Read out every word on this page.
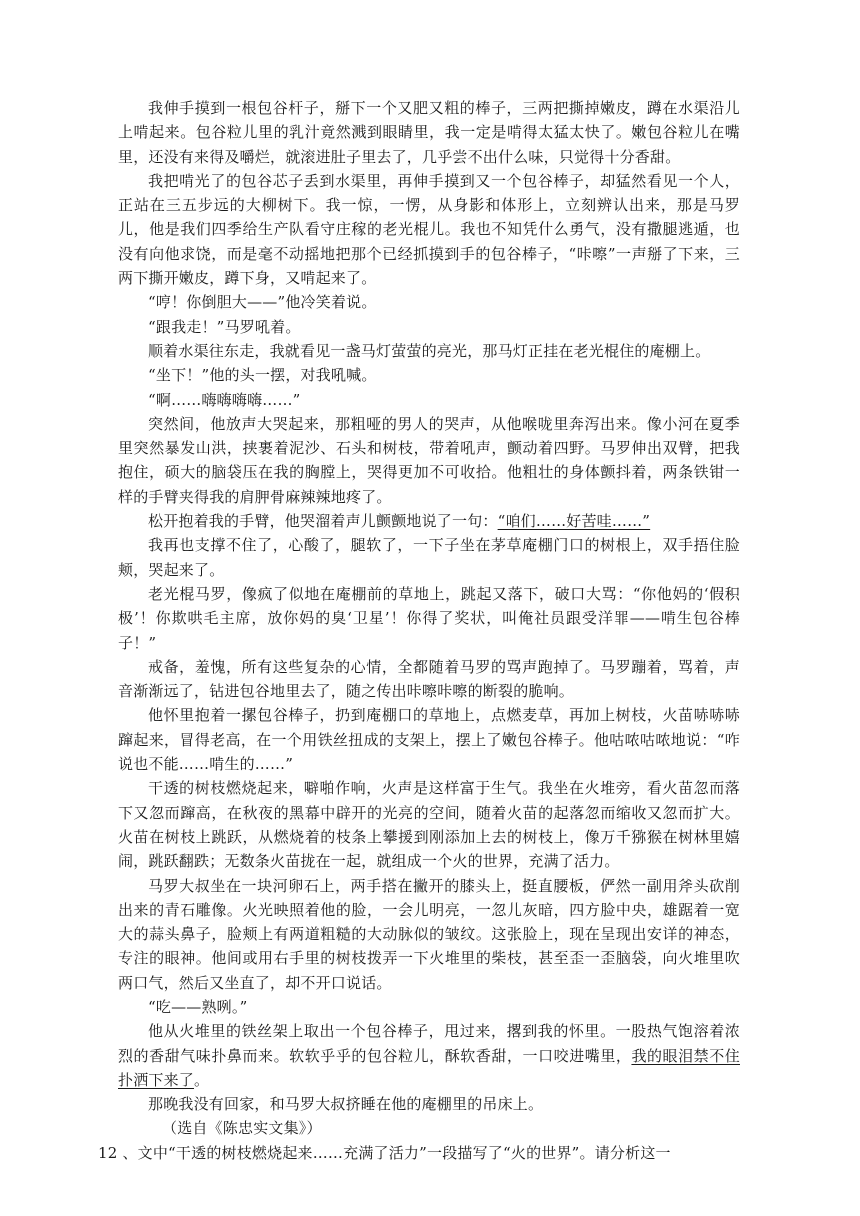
我伸手摸到一根包谷杆子，掰下一个又肥又粗的棒子，三两把撕掉嫩皮，蹲在水渠沿儿上啃起来。包谷粒儿里的乳汁竟然溅到眼睛里，我一定是啃得太猛太快了。嫩包谷粒儿在嘴里，还没有来得及嚼烂，就滚进肚子里去了，几乎尝不出什么味，只觉得十分香甜。

我把啃光了的包谷芯子丢到水渠里，再伸手摸到又一个包谷棒子，却猛然看见一个人，正站在三五步远的大柳树下。我一惊，一愣，从身影和体形上，立刻辨认出来，那是马罗儿，他是我们四季给生产队看守庄稼的老光棍儿。我也不知凭什么勇气，没有撒腿逃遁，也没有向他求饶，而是毫不动摇地把那个已经抓摸到手的包谷棒子，“咔嚓”一声掰了下来，三两下撕开嫩皮，蹲下身，又啃起来了。

“哼！你倒胆大——”他冷笑着说。

“跟我走！”马罗吼着。

顺着水渠往东走，我就看见一盏马灯萤萤的亮光，那马灯正挂在老光棍住的庵棚上。

“坐下！”他的头一摆，对我吼喊。

“啊……嗨嗨嗨嗨……”

突然间，他放声大哭起来，那粗哑的男人的哭声，从他喉咙里奔泻出来。像小河在夏季里突然暴发山洪，挟裹着泥沙、石头和树枝，带着吼声，颤动着四野。马罗伸出双臂，把我抱住，硕大的脑袋压在我的胸膛上，哭得更加不可收拾。他粗壮的身体颤抖着，两条铁钳一样的手臂夹得我的肩胛骨麻辣辣地疼了。

松开抱着我的手臂，他哭溜着声儿颤颤地说了一句：“咱们……好苦哇……”

我再也支撑不住了，心酸了，腿软了，一下子坐在茅草庵棚门口的树根上，双手捂住脸颊，哭起来了。

老光棍马罗，像疯了似地在庵棚前的草地上，跳起又落下，破口大骂：“你他妈的‘假积极’！你欺哄毛主席，放你妈的臭‘卫星’！你得了奖状，叫俺社员跟受洋罪——啃生包谷棒子！”

戒备，羞愧，所有这些复杂的心情，全都随着马罗的骂声跑掉了。马罗蹦着，骂着，声音渐渐远了，钻进包谷地里去了，随之传出咔嚓咔嚓的断裂的脆响。

他怀里抱着一摞包谷棒子，扔到庵棚口的草地上，点燃麦草，再加上树枝，火苗哧哧哧蹿起来，冒得老高，在一个用铁丝扭成的支架上，摆上了嫩包谷棒子。他咕哝咕哝地说：“咋说也不能……啃生的……”

干透的树枝燃烧起来，噼啪作响，火声是这样富于生气。我坐在火堆旁，看火苗忽而落下又忽而蹿高，在秋夜的黑幕中辟开的光亮的空间，随着火苗的起落忽而缩收又忽而扩大。火苗在树枝上跳跃，从燃烧着的枝条上攀援到刚添加上去的树枝上，像万千猕猴在树林里嬉闹，跳跃翻跌；无数条火苗拢在一起，就组成一个火的世界，充满了活力。

马罗大叔坐在一块河卵石上，两手搭在撇开的膝头上，挺直腰板，俨然一副用斧头砍削出来的青石雕像。火光映照着他的脸，一会儿明亮，一忽儿灰暗，四方脸中央，雄踞着一宽大的蒜头鼻子，脸颊上有两道粗糙的大动脉似的皱纹。这张脸上，现在呈现出安详的神态，专注的眼神。他间或用右手里的树枝拨弄一下火堆里的柴枝，甚至歪一歪脑袋，向火堆里吹两口气，然后又坐直了，却不开口说话。

“吃——熟咧。”

他从火堆里的铁丝架上取出一个包谷棒子，甩过来，撂到我的怀里。一股热气饱溶着浓烈的香甜气味扑鼻而来。软软乎乎的包谷粒儿，酥软香甜，一口咬进嘴里，我的眼泪禁不住扑洒下来了。

那晚我没有回家，和马罗大叔挤睡在他的庵棚里的吊床上。

（选自《陈忠实文集》）

12 、文中“干透的树枝燃烧起来……充满了活力”一段描写了“火的世界”。请分析这一
